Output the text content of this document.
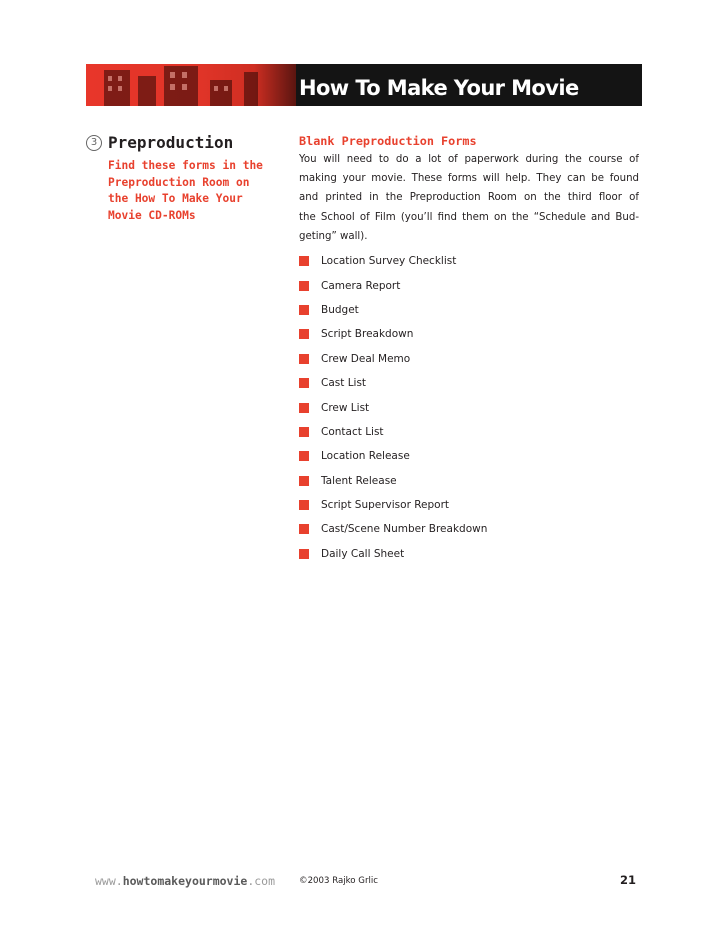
How To Make Your Movie
3 Preproduction
Find these forms in the
Preproduction Room on
the How To Make Your
Movie CD-ROMs
Blank Preproduction Forms
You will need to do a lot of paperwork during the course of
making your movie. These forms will help. They can be found
and printed in the Preproduction Room on the third floor of
the School of Film (you’ll find them on the “Schedule and Bud-
geting” wall).
Location Survey Checklist
Camera Report
Budget
Script Breakdown
Crew Deal Memo
Cast List
Crew List
Contact List
Location Release
Talent Release
Script Supervisor Report
Cast/Scene Number Breakdown
Daily Call Sheet
www.howtomakeyourmovie.com	©2003 Rajko Grlic	21
